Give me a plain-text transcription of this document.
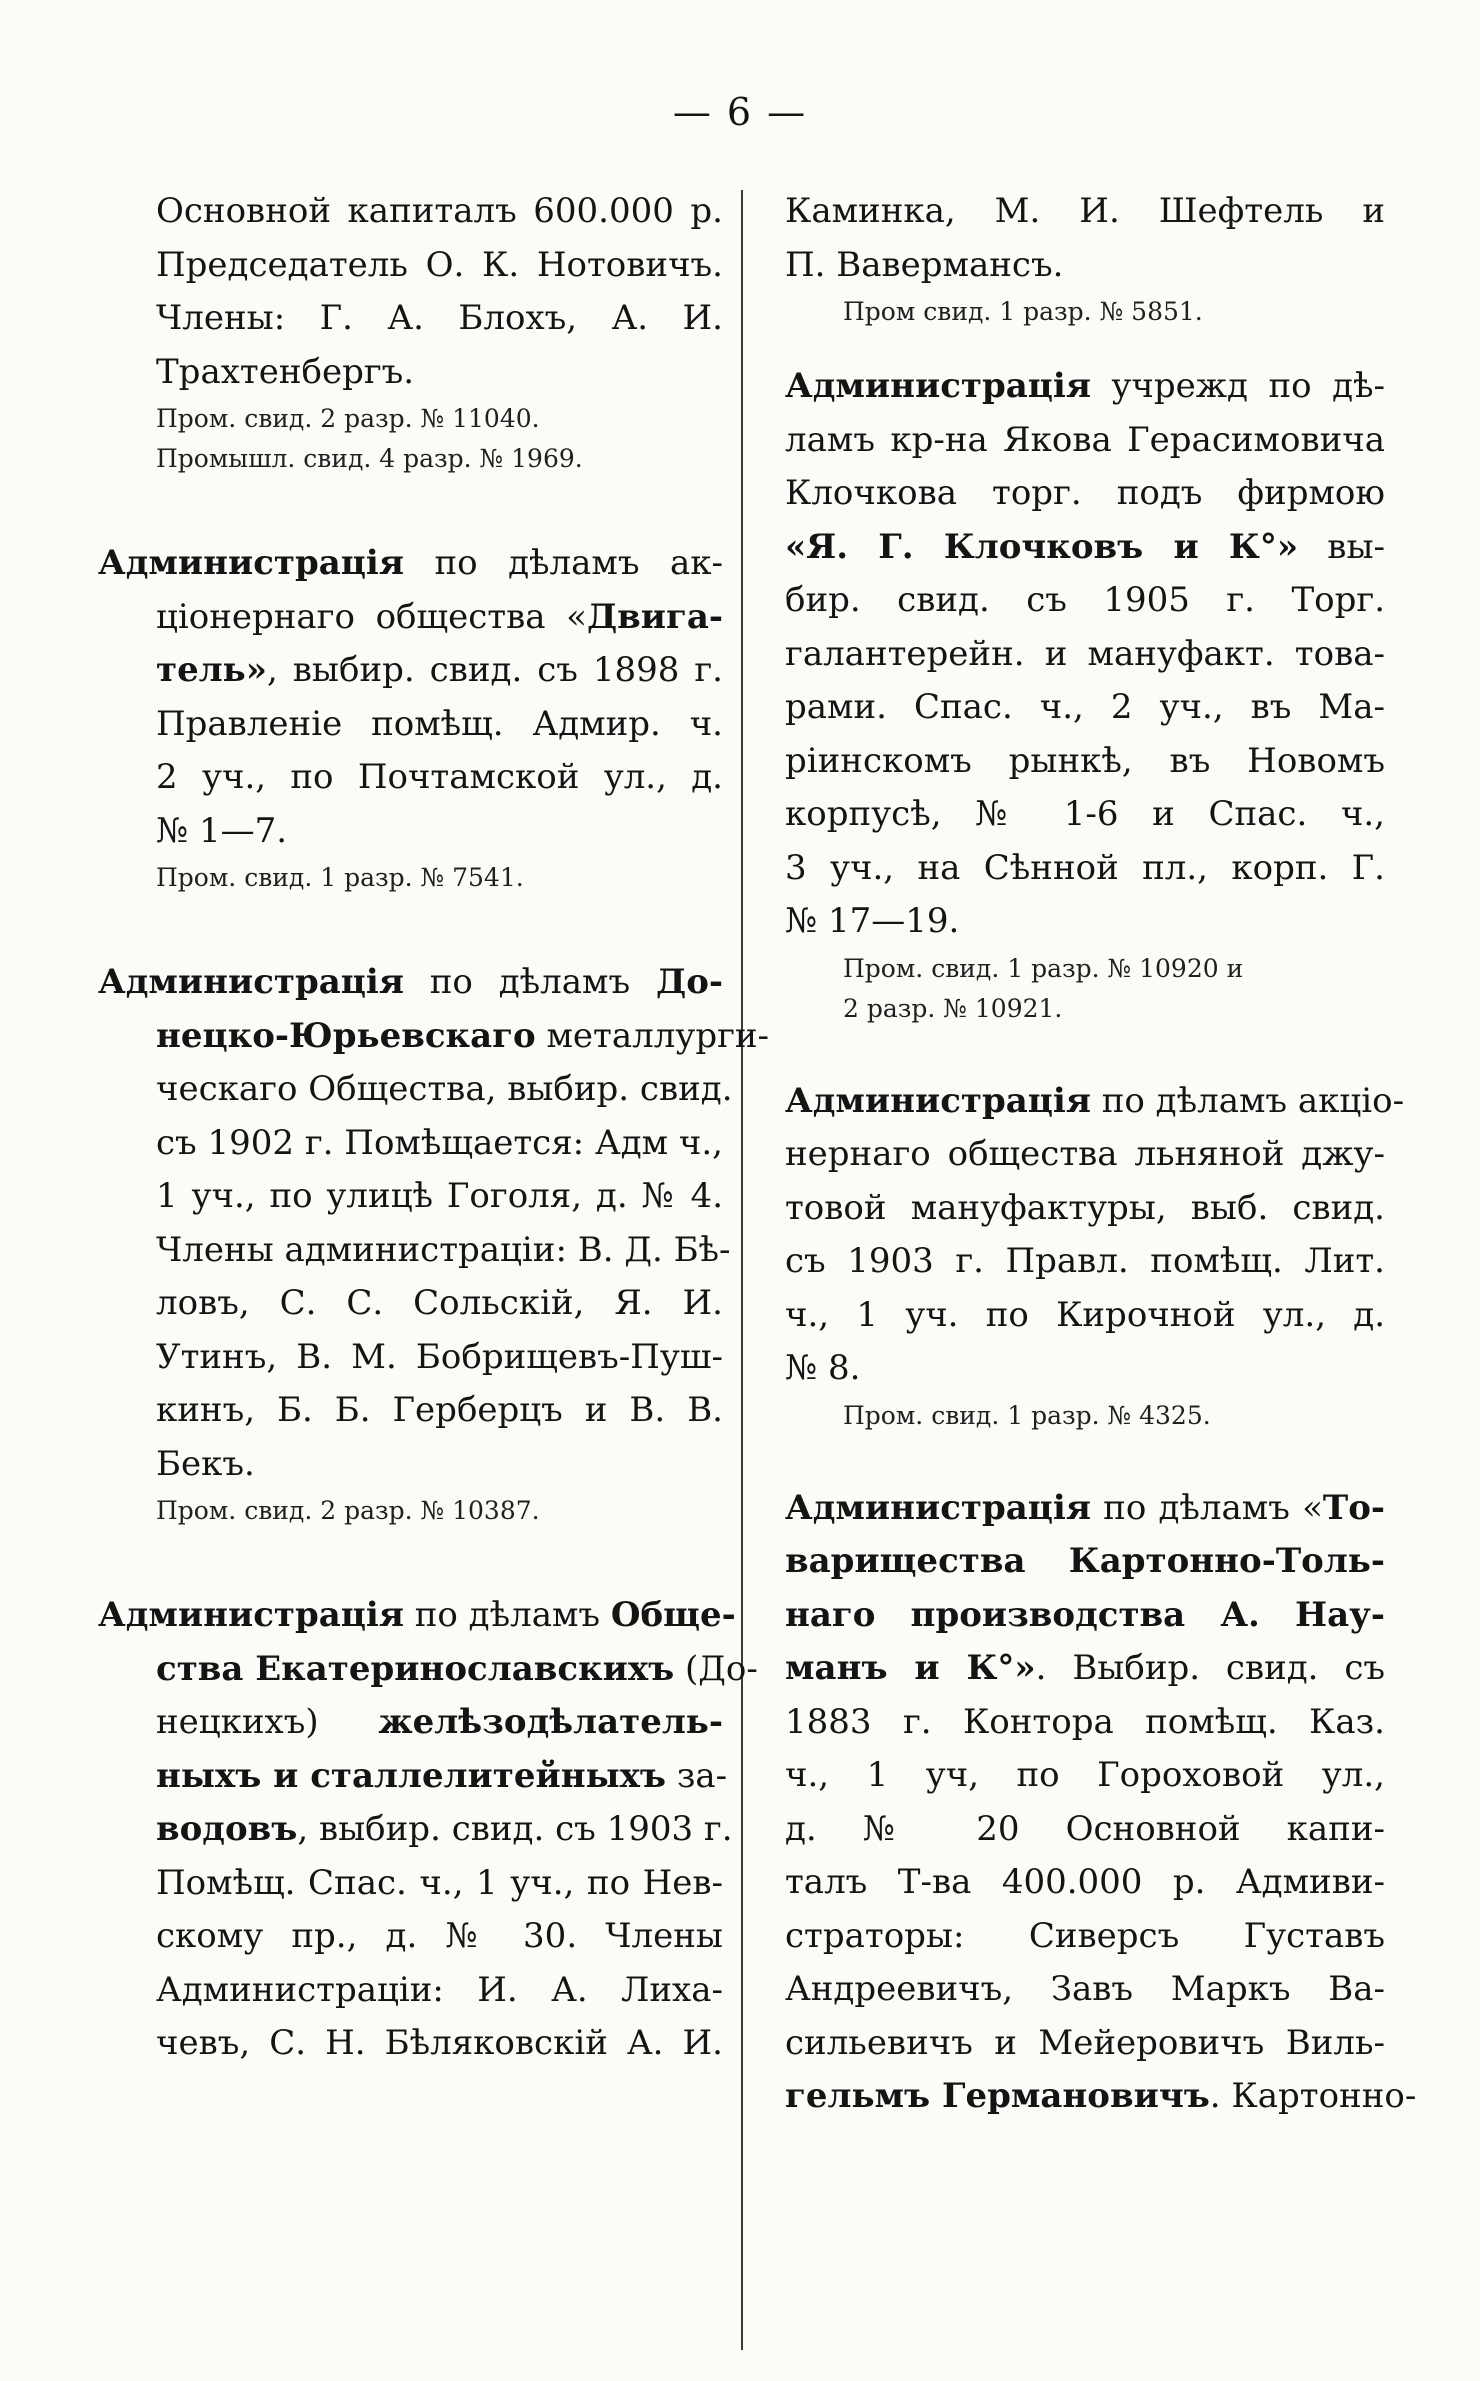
— 6 —
Основной капиталъ 600.000 р.
Председатель О. К. Нотовичъ.
Члены: Г. А. Блохъ, А. И.
Трахтенбергъ.
Пром. свид. 2 разр. № 11040.
Промышл. свид. 4 разр. № 1969.
Администрація по дѣламъ ак-
ціонернаго общества «Двига-
тель», выбир. свид. съ 1898 г.
Правленіе помѣщ. Адмир. ч.
2 уч., по Почтамской ул., д.
№ 1—7.
Пром. свид. 1 разр. № 7541.
Администрація по дѣламъ До-
нецко-Юрьевскаго металлурги-
ческаго Общества, выбир. свид.
съ 1902 г. Помѣщается: Адм ч.,
1 уч., по улицѣ Гоголя, д. № 4.
Члены администраціи: В. Д. Бѣ-
ловъ, С. С. Сольскій, Я. И.
Утинъ, В. М. Бобрищевъ-Пуш-
кинъ, Б. Б. Герберцъ и В. В.
Бекъ.
Пром. свид. 2 разр. № 10387.
Администрація по дѣламъ Обще-
ства Екатеринославскихъ (До-
нецкихъ) желѣзодѣлатель-
ныхъ и сталлелитейныхъ за-
водовъ, выбир. свид. съ 1903 г.
Помѣщ. Спас. ч., 1 уч., по Нев-
скому пр., д. № 30. Члены
Администраціи: И. А. Лиха-
чевъ, С. Н. Бѣляковскій А. И.
Каминка, М. И. Шефтель и
П. Вавермансъ.
Пром свид. 1 разр. № 5851.
Администрація учрежд по дѣ-
ламъ кр-на Якова Герасимовича
Клочкова торг. подъ фирмою
«Я. Г. Клочковъ и К°» вы-
бир. свид. съ 1905 г. Торг.
галантерейн. и мануфакт. това-
рами. Спас. ч., 2 уч., въ Ма-
ріинскомъ рынкѣ, въ Новомъ
корпусѣ, № 1-6 и Спас. ч.,
3 уч., на Сѣнной пл., корп. Г.
№ 17—19.
Пром. свид. 1 разр. № 10920 и
2 разр. № 10921.
Администрація по дѣламъ акціо-
нернаго общества льняной джу-
товой мануфактуры, выб. свид.
съ 1903 г. Правл. помѣщ. Лит.
ч., 1 уч. по Кирочной ул., д.
№ 8.
Пром. свид. 1 разр. № 4325.
Администрація по дѣламъ «То-
варищества Картонно-Толь-
наго производства А. Нау-
манъ и К°». Выбир. свид. съ
1883 г. Контора помѣщ. Каз.
ч., 1 уч, по Гороховой ул.,
д. № 20 Основной капи-
талъ Т-ва 400.000 р. Адмиви-
страторы: Сиверсъ Густавъ
Андреевичъ, Завъ Маркъ Ва-
сильевичъ и Мейеровичъ Виль-
гельмъ Германовичъ. Картонно-
